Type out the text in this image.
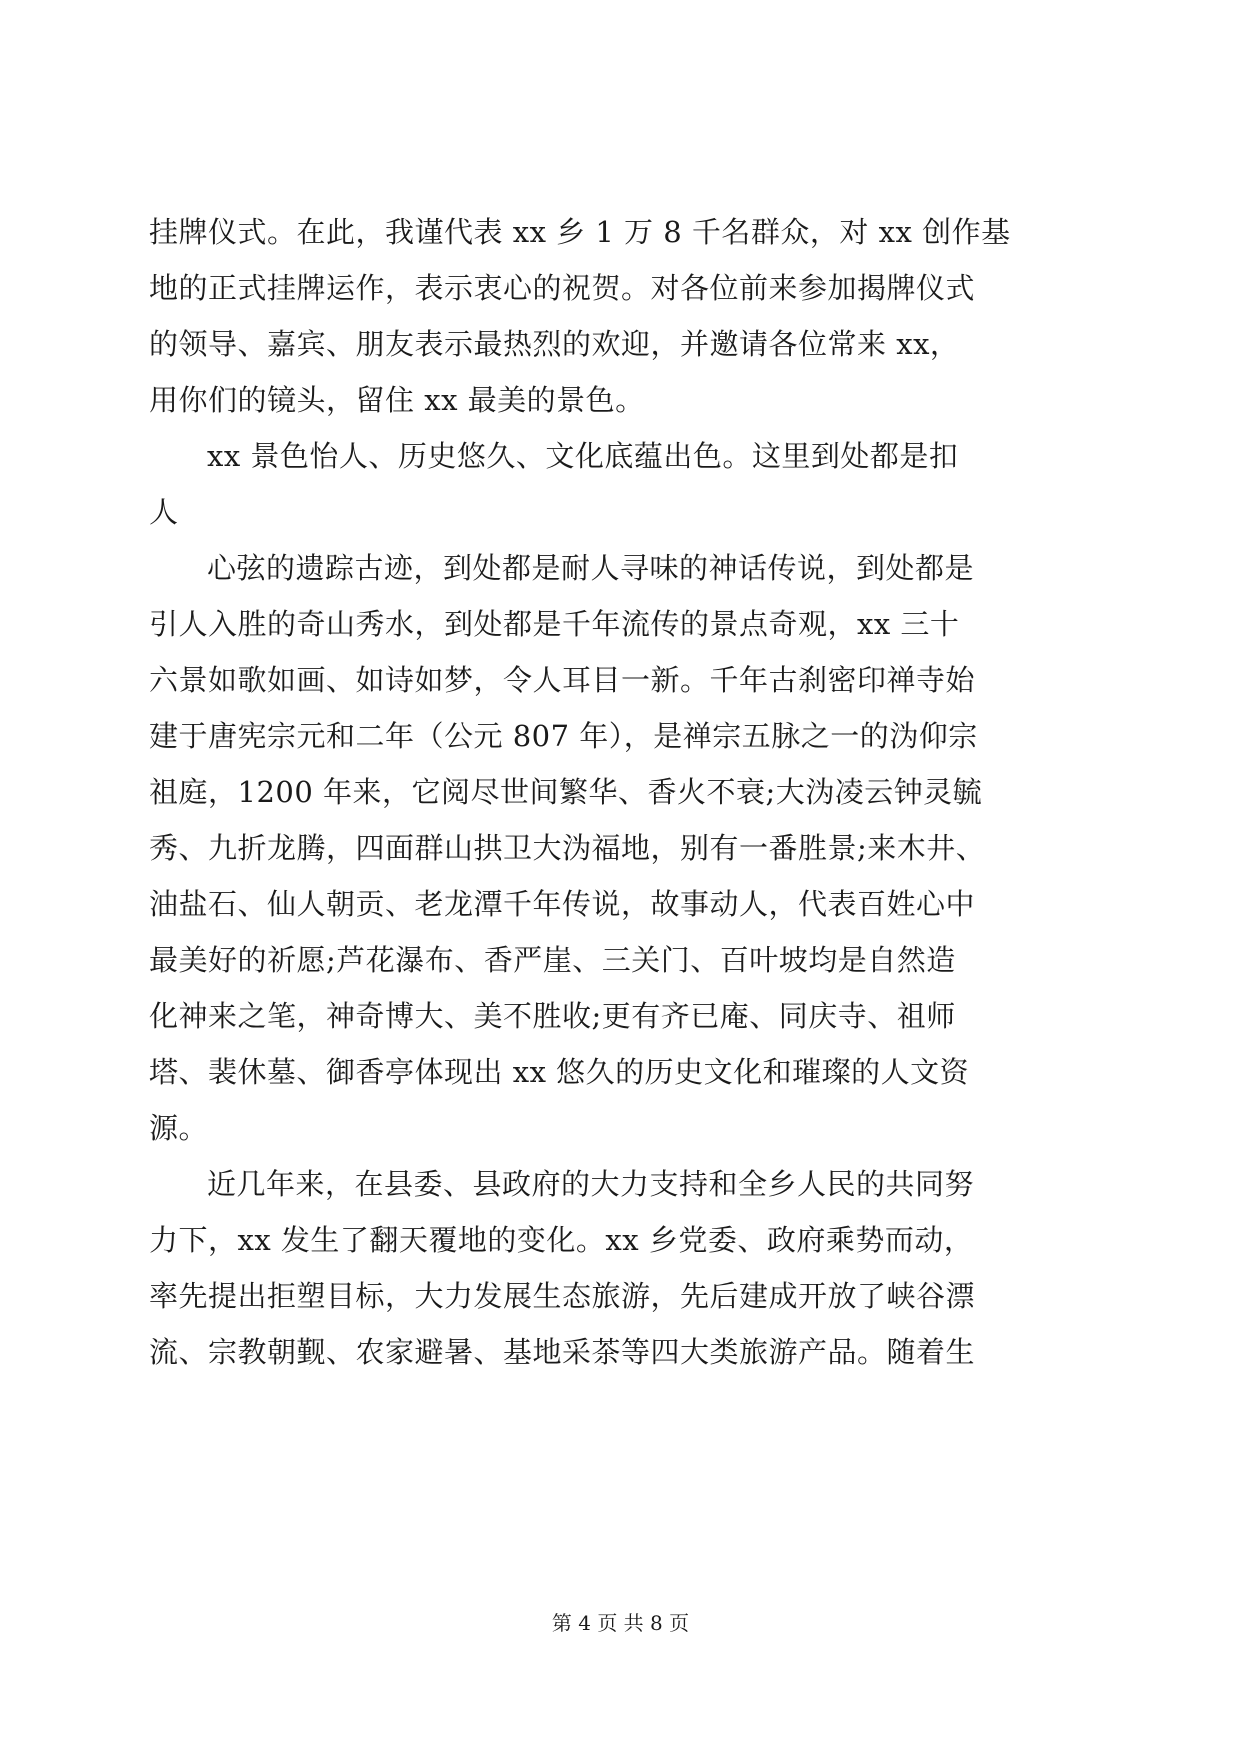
挂牌仪式。在此，我谨代表 xx 乡 1 万 8 千名群众，对 xx 创作基
地的正式挂牌运作，表示衷心的祝贺。对各位前来参加揭牌仪式
的领导、嘉宾、朋友表示最热烈的欢迎，并邀请各位常来 xx，
用你们的镜头，留住 xx 最美的景色。
xx 景色怡人、历史悠久、文化底蕴出色。这里到处都是扣
人
心弦的遗踪古迹，到处都是耐人寻味的神话传说，到处都是
引人入胜的奇山秀水，到处都是千年流传的景点奇观，xx 三十
六景如歌如画、如诗如梦，令人耳目一新。千年古刹密印禅寺始
建于唐宪宗元和二年（公元 807 年），是禅宗五脉之一的沩仰宗
祖庭，1200 年来，它阅尽世间繁华、香火不衰;大沩凌云钟灵毓
秀、九折龙腾，四面群山拱卫大沩福地，别有一番胜景;来木井、
油盐石、仙人朝贡、老龙潭千年传说，故事动人，代表百姓心中
最美好的祈愿;芦花瀑布、香严崖、三关门、百叶坡均是自然造
化神来之笔，神奇博大、美不胜收;更有齐已庵、同庆寺、祖师
塔、裴休墓、御香亭体现出 xx 悠久的历史文化和璀璨的人文资
源。
近几年来，在县委、县政府的大力支持和全乡人民的共同努
力下，xx 发生了翻天覆地的变化。xx 乡党委、政府乘势而动，
率先提出拒塑目标，大力发展生态旅游，先后建成开放了峡谷漂
流、宗教朝觐、农家避暑、基地采茶等四大类旅游产品。随着生
第 4 页 共 8 页
